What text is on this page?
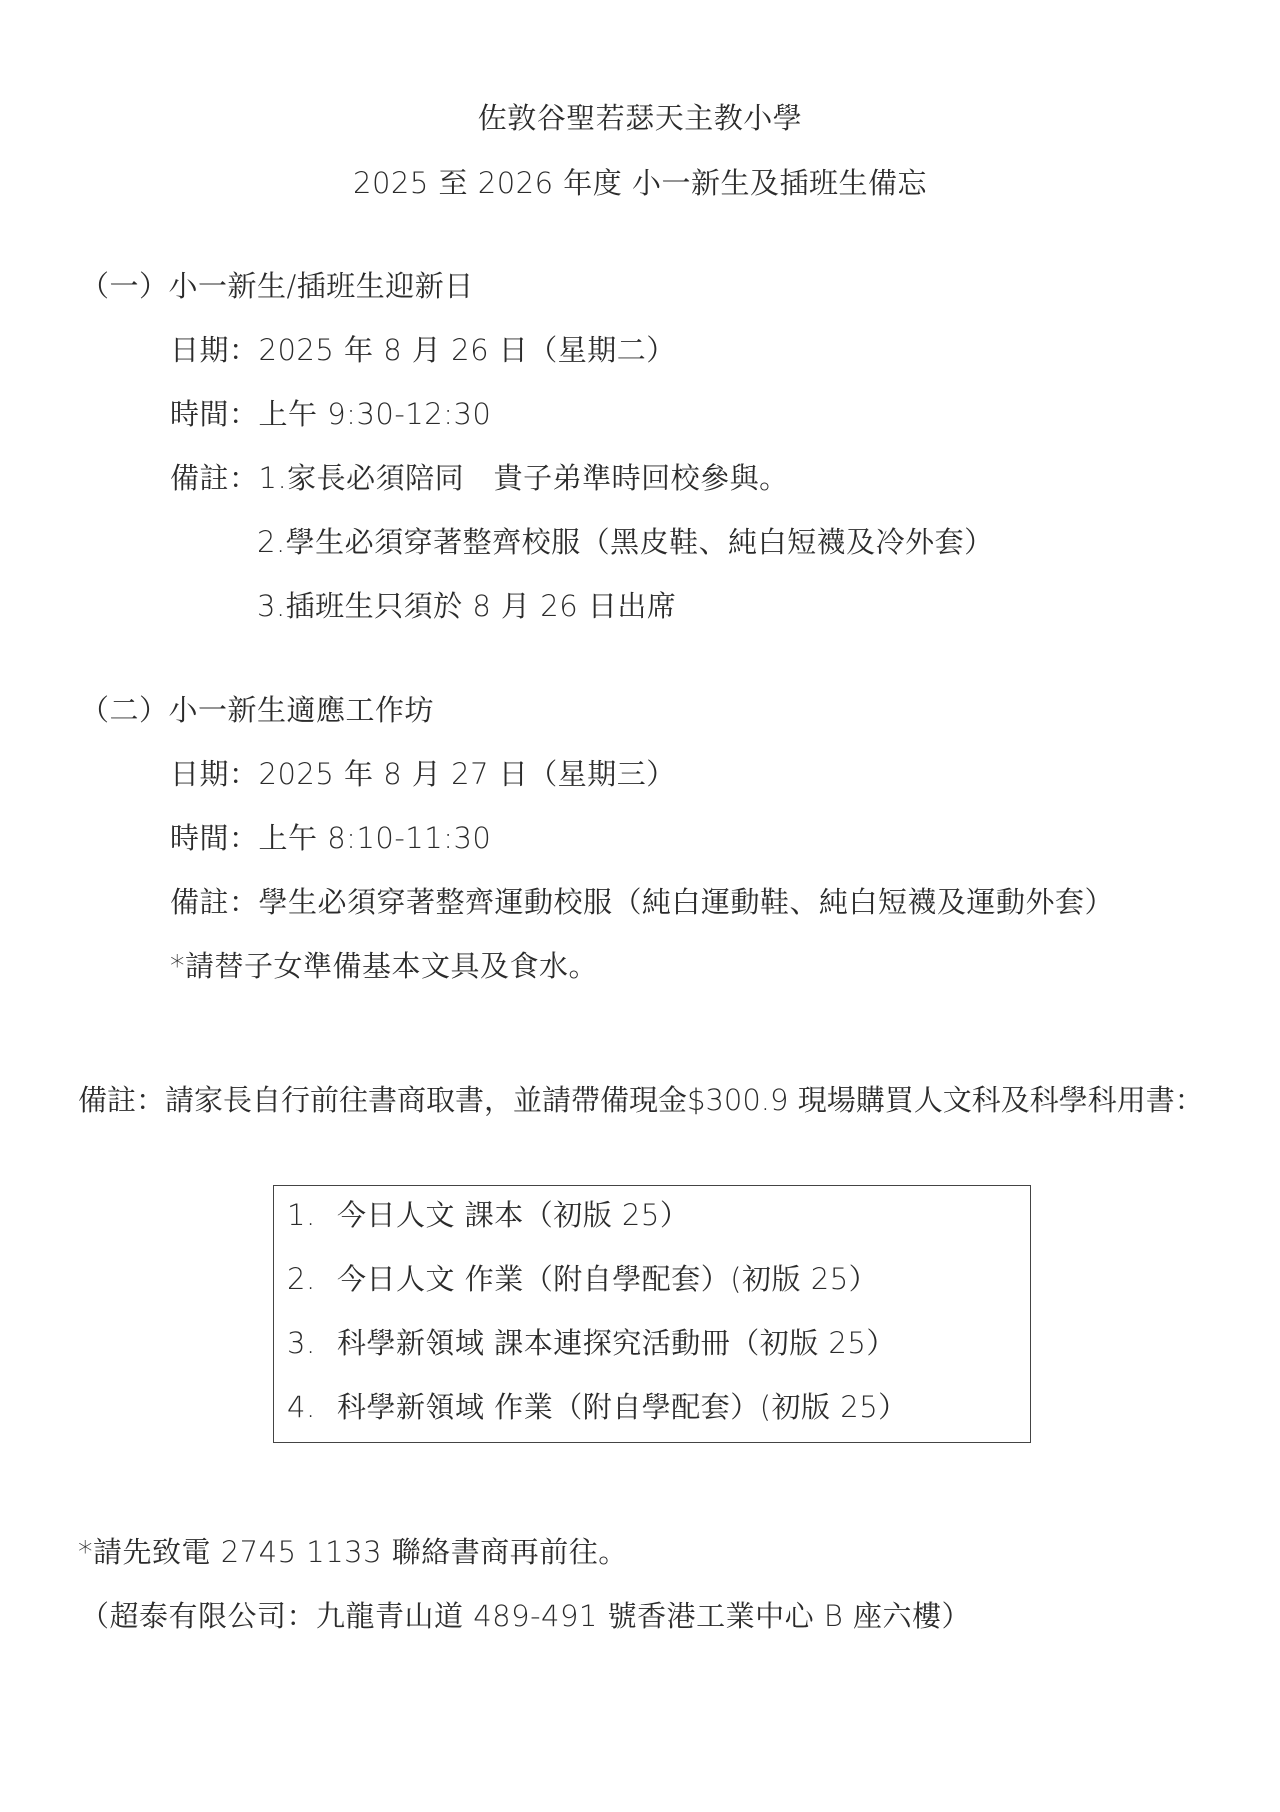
佐敦谷聖若瑟天主教小學
2025 至 2026 年度 小一新生及插班生備忘
（一）小一新生/插班生迎新日
日期：2025 年 8 月 26 日（星期二）
時間：上午 9:30-12:30
備註：1.家長必須陪同　貴子弟準時回校參與。
2.學生必須穿著整齊校服（黑皮鞋、純白短襪及冷外套）
3.插班生只須於 8 月 26 日出席
（二）小一新生適應工作坊
日期：2025 年 8 月 27 日（星期三）
時間：上午 8:10-11:30
備註：學生必須穿著整齊運動校服（純白運動鞋、純白短襪及運動外套）
*請替子女準備基本文具及食水。
備註：請家長自行前往書商取書，並請帶備現金$300.9 現場購買人文科及科學科用書：
1. 今日人文 課本（初版 25）
2. 今日人文 作業（附自學配套）(初版 25）
3. 科學新領域 課本連探究活動冊（初版 25）
4. 科學新領域 作業（附自學配套）(初版 25）
*請先致電 2745 1133 聯絡書商再前往。
（超泰有限公司：九龍青山道 489-491 號香港工業中心 B 座六樓）
